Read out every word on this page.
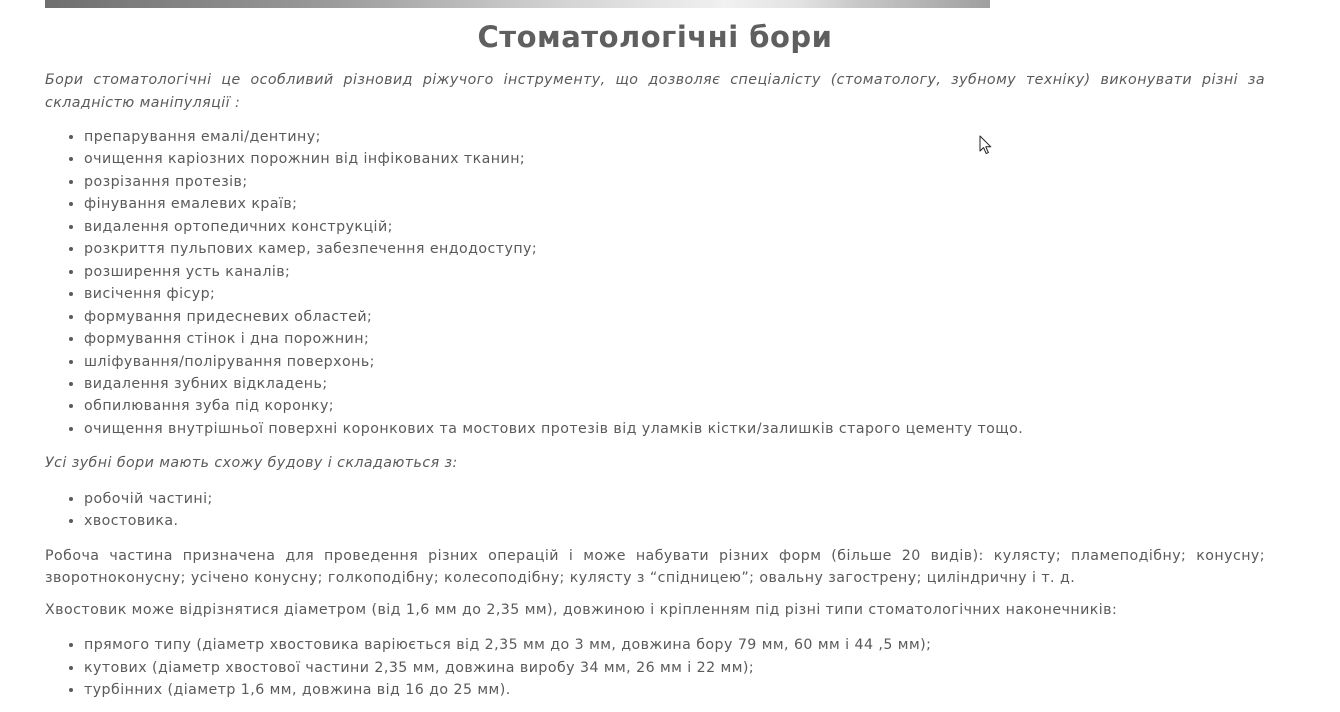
Стоматологічні бори

Бори стоматологічні це особливий різновид ріжучого інструменту, що дозволяє спеціалісту (стоматологу, зубному техніку) виконувати різні за складністю маніпуляції :

• препарування емалі/дентину;
• очищення каріозних порожнин від інфікованих тканин;
• розрізання протезів;
• фінування емалевих країв;
• видалення ортопедичних конструкцій;
• розкриття пульпових камер, забезпечення ендодоступу;
• розширення усть каналів;
• висічення фісур;
• формування придесневих областей;
• формування стінок і дна порожнин;
• шліфування/полірування поверхонь;
• видалення зубних відкладень;
• обпилювання зуба під коронку;
• очищення внутрішньої поверхні коронкових та мостових протезів від уламків кістки/залишків старого цементу тощо.

Усі зубні бори мають схожу будову і складаються з:

• робочій частині;
• хвостовика.

Робоча частина призначена для проведення різних операцій і може набувати різних форм (більше 20 видів): кулясту; пламеподібну; конусну; зворотноконусну; усічено конусну; голкоподібну; колесоподібну; кулясту з “спідницею”; овальну загострену; циліндричну і т. д.

Хвостовик може відрізнятися діаметром (від 1,6 мм до 2,35 мм), довжиною і кріпленням під різні типи стоматологічних наконечників:

• прямого типу (діаметр хвостовика варіюється від 2,35 мм до 3 мм, довжина бору 79 мм, 60 мм і 44 ,5 мм);
• кутових (діаметр хвостової частини 2,35 мм, довжина виробу 34 мм, 26 мм і 22 мм);
• турбінних (діаметр 1,6 мм, довжина від 16 до 25 мм).
